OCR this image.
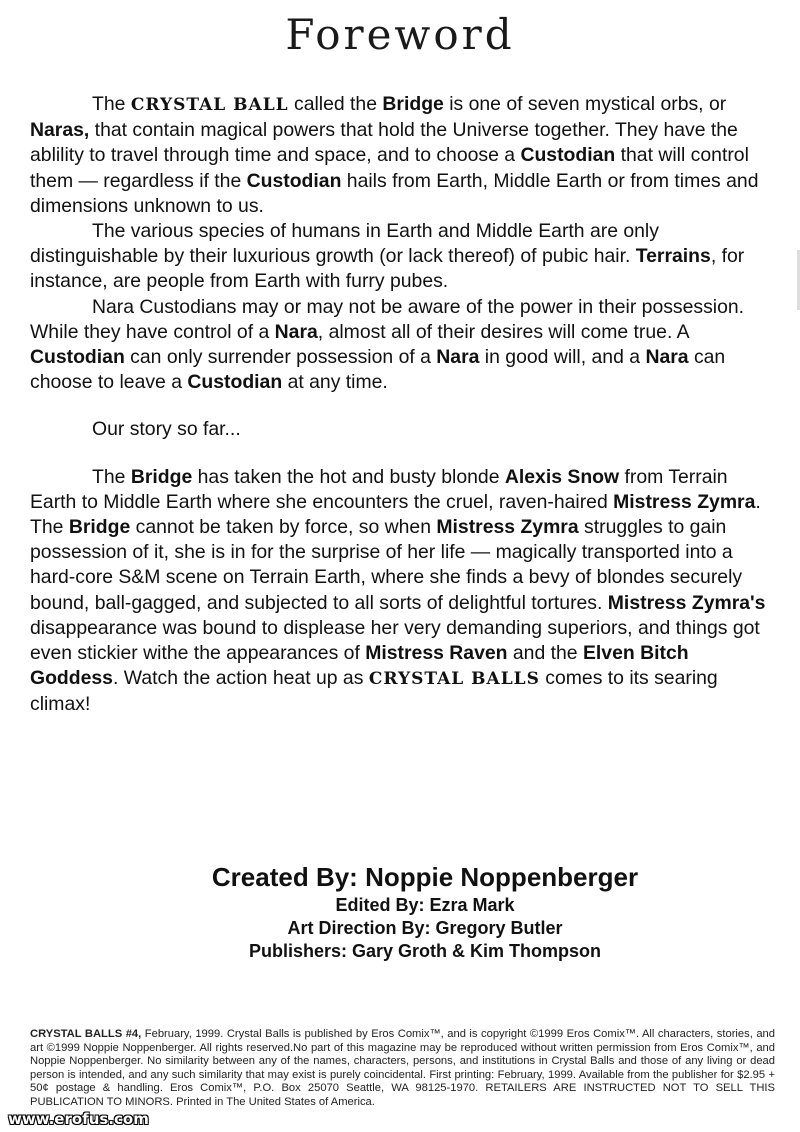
Foreword

The CRYSTAL BALL called the Bridge is one of seven mystical orbs, or Naras, that contain magical powers that hold the Universe together. They have the ablility to travel through time and space, and to choose a Custodian that will control them — regardless if the Custodian hails from Earth, Middle Earth or from times and dimensions unknown to us.

The various species of humans in Earth and Middle Earth are only distinguishable by their luxurious growth (or lack thereof) of pubic hair. Terrains, for instance, are people from Earth with furry pubes.

Nara Custodians may or may not be aware of the power in their possession. While they have control of a Nara, almost all of their desires will come true. A Custodian can only surrender possession of a Nara in good will, and a Nara can choose to leave a Custodian at any time.

Our story so far...

The Bridge has taken the hot and busty blonde Alexis Snow from Terrain Earth to Middle Earth where she encounters the cruel, raven-haired Mistress Zymra. The Bridge cannot be taken by force, so when Mistress Zymra struggles to gain possession of it, she is in for the surprise of her life — magically transported into a hard-core S&M scene on Terrain Earth, where she finds a bevy of blondes securely bound, ball-gagged, and subjected to all sorts of delightful tortures. Mistress Zymra's disappearance was bound to displease her very demanding superiors, and things got even stickier withe the appearances of Mistress Raven and the Elven Bitch Goddess. Watch the action heat up as CRYSTAL BALLS comes to its searing climax!

Created By: Noppie Noppenberger
Edited By: Ezra Mark
Art Direction By: Gregory Butler
Publishers: Gary Groth & Kim Thompson
CRYSTAL BALLS #4, February, 1999. Crystal Balls is published by Eros Comix™, and is copyright ©1999 Eros Comix™. All characters, stories, and art ©1999 Noppie Noppenberger. All rights reserved.No part of this magazine may be reproduced without written permission from Eros Comix™, and Noppie Noppenberger. No similarity between any of the names, characters, persons, and institutions in Crystal Balls and those of any living or dead person is intended, and any such similarity that may exist is purely coincidental. First printing: February, 1999. Available from the publisher for $2.95 + 50¢ postage & handling. Eros Comix™, P.O. Box 25070 Seattle, WA 98125-1970. RETAILERS ARE INSTRUCTED NOT TO SELL THIS PUBLICATION TO MINORS. Printed in The United States of America.
www.erofus.com
